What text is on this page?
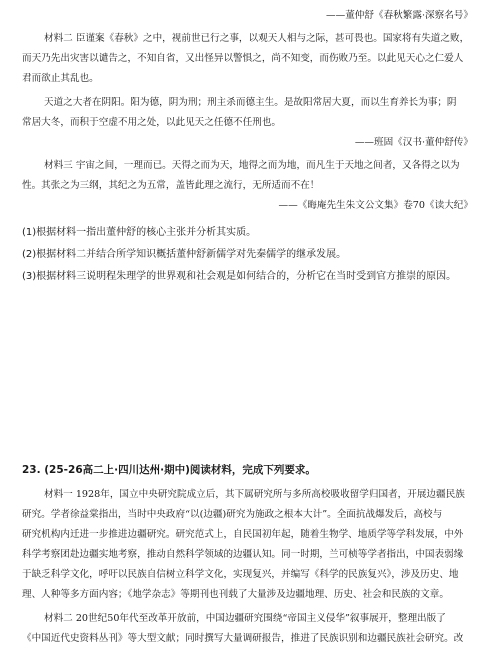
——董仲舒《春秋繁露·深察名号》
材料二 臣谨案《春秋》之中，视前世已行之事，以观天人相与之际，甚可畏也。国家将有失道之败，
而天乃先出灾害以谴告之，不知自省，又出怪异以警惧之，尚不知变，而伤败乃至。以此见天心之仁爱人
君而欲止其乱也。
天道之大者在阴阳。阳为德，阴为刑；刑主杀而德主生。是故阳常居大夏，而以生育养长为事；阴
常居大冬，而积于空虚不用之处，以此见天之任德不任刑也。
——班固《汉书·董仲舒传》
材料三 宇宙之间，一理而已。天得之而为天，地得之而为地，而凡生于天地之间者，又各得之以为
性。其张之为三纲，其纪之为五常，盖皆此理之流行，无所适而不在！
——《晦庵先生朱文公文集》卷70《读大纪》
(1)根据材料一指出董仲舒的核心主张并分析其实质。
(2)根据材料二并结合所学知识概括董仲舒新儒学对先秦儒学的继承发展。
(3)根据材料三说明程朱理学的世界观和社会观是如何结合的，分析它在当时受到官方推崇的原因。
23. (25-26高二上·四川达州·期中)阅读材料，完成下列要求。
材料一 1928年，国立中央研究院成立后，其下属研究所与多所高校吸收留学归国者，开展边疆民族
研究。学者徐益棠指出，当时中央政府“以(边疆)研究为施政之根本大计”。全面抗战爆发后，高校与
研究机构内迁进一步推进边疆研究。研究范式上，自民国初年起，随着生物学、地质学等学科发展，中外
科学考察团赴边疆实地考察，推动自然科学领域的边疆认知。同一时期，兰可桢等学者指出，中国表弱缘
于缺乏科学文化，呼吁以民族自信树立科学文化，实现复兴，并编写《科学的民族复兴》，涉及历史、地
理、人种等多方面内容；《地学杂志》等期刊也刊载了大量涉及边疆地理、历史、社会和民族的文章。
材料二 20世纪50年代至改革开放前，中国边疆研究围绕“帝国主义侵华”叙事展开，整理出版了
《中国近代史资料丛刊》等大型文献；同时撰写大量调研报告，推进了民族识别和边疆民族社会研究。改
